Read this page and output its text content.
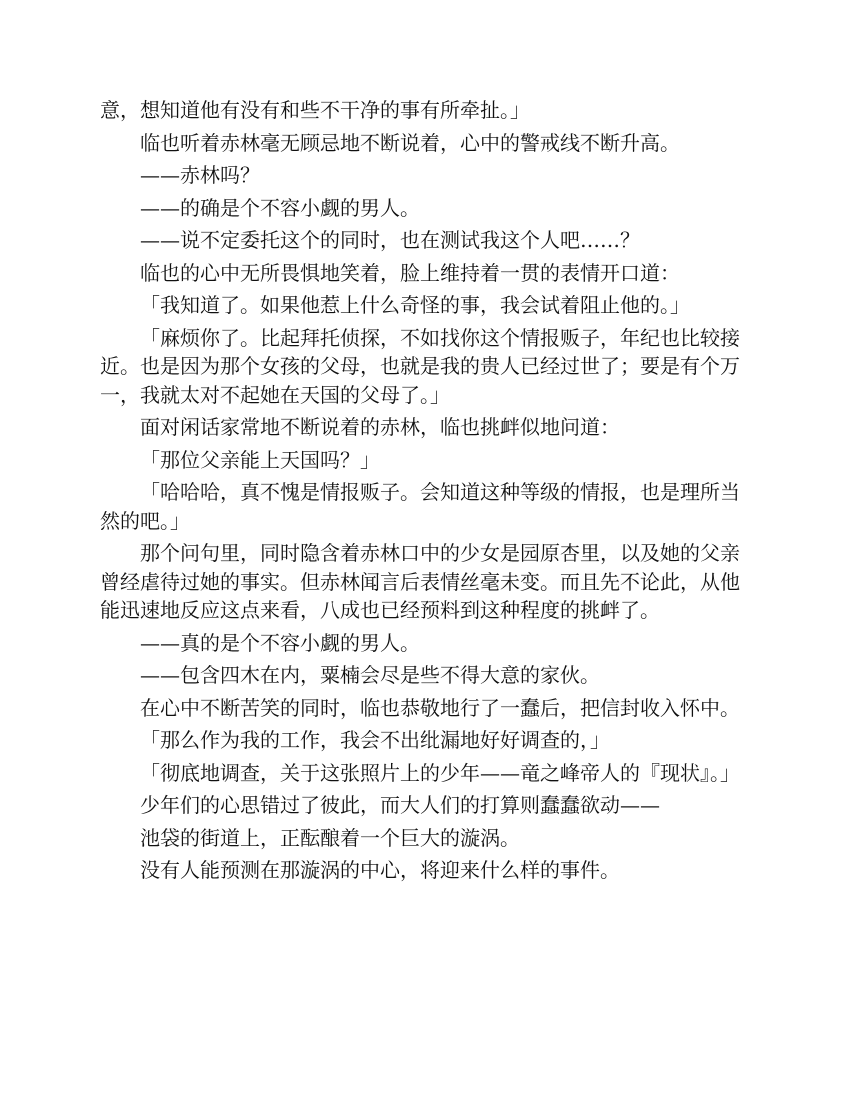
意，想知道他有没有和些不干净的事有所牵扯。」

临也听着赤林毫无顾忌地不断说着，心中的警戒线不断升高。

——赤林吗？

——的确是个不容小觑的男人。

——说不定委托这个的同时，也在测试我这个人吧……？

临也的心中无所畏惧地笑着，脸上维持着一贯的表情开口道：

「我知道了。如果他惹上什么奇怪的事，我会试着阻止他的。」

「麻烦你了。比起拜托侦探，不如找你这个情报贩子，年纪也比较接近。也是因为那个女孩的父母，也就是我的贵人已经过世了；要是有个万一，我就太对不起她在天国的父母了。」

面对闲话家常地不断说着的赤林，临也挑衅似地问道：

「那位父亲能上天国吗？」

「哈哈哈，真不愧是情报贩子。会知道这种等级的情报，也是理所当然的吧。」

那个问句里，同时隐含着赤林口中的少女是园原杏里，以及她的父亲曾经虐待过她的事实。但赤林闻言后表情丝毫未变。而且先不论此，从他能迅速地反应这点来看，八成也已经预料到这种程度的挑衅了。

——真的是个不容小觑的男人。

——包含四木在内，粟楠会尽是些不得大意的家伙。

在心中不断苦笑的同时，临也恭敬地行了一蠢后，把信封收入怀中。

「那么作为我的工作，我会不出纰漏地好好调查的，」

「彻底地调查，关于这张照片上的少年——竜之峰帝人的『现状』。」

少年们的心思错过了彼此，而大人们的打算则蠢蠢欲动——

池袋的街道上，正酝酿着一个巨大的漩涡。

没有人能预测在那漩涡的中心，将迎来什么样的事件。
